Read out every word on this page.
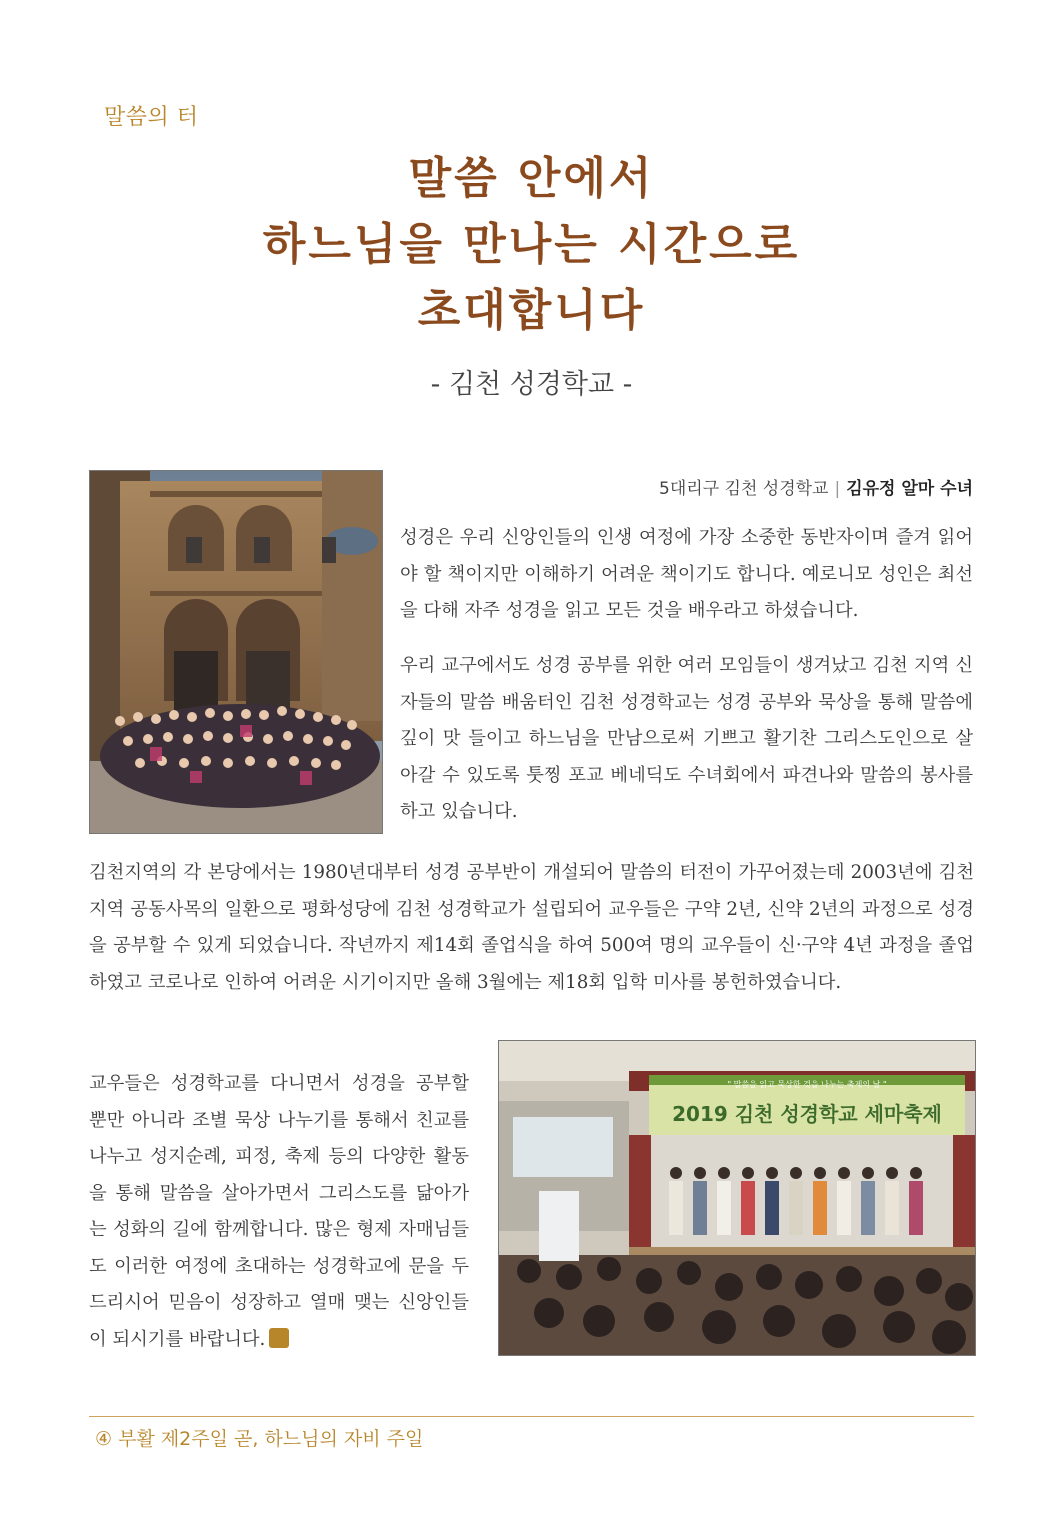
말씀의 터
말씀 안에서
하느님을 만나는 시간으로
초대합니다
- 김천 성경학교 -
5대리구 김천 성경학교 | 김유정 알마 수녀

성경은 우리 신앙인들의 인생 여정에 가장 소중한 동반자이며 즐겨 읽어야 할 책이지만 이해하기 어려운 책이기도 합니다. 예로니모 성인은 최선을 다해 자주 성경을 읽고 모든 것을 배우라고 하셨습니다.

우리 교구에서도 성경 공부를 위한 여러 모임들이 생겨났고 김천 지역 신자들의 말씀 배움터인 김천 성경학교는 성경 공부와 묵상을 통해 말씀에 깊이 맛 들이고 하느님을 만남으로써 기쁘고 활기찬 그리스도인으로 살아갈 수 있도록 툿찡 포교 베네딕도 수녀회에서 파견나와 말씀의 봉사를 하고 있습니다.

김천지역의 각 본당에서는 1980년대부터 성경 공부반이 개설되어 말씀의 터전이 가꾸어졌는데 2003년에 김천지역 공동사목의 일환으로 평화성당에 김천 성경학교가 설립되어 교우들은 구약 2년, 신약 2년의 과정으로 성경을 공부할 수 있게 되었습니다. 작년까지 제14회 졸업식을 하여 500여 명의 교우들이 신·구약 4년 과정을 졸업하였고 코로나로 인하여 어려운 시기이지만 올해 3월에는 제18회 입학 미사를 봉헌하였습니다.

교우들은 성경학교를 다니면서 성경을 공부할 뿐만 아니라 조별 묵상 나누기를 통해서 친교를 나누고 성지순례, 피정, 축제 등의 다양한 활동을 통해 말씀을 살아가면서 그리스도를 닮아가는 성화의 길에 함께합니다. 많은 형제 자매님들도 이러한 여정에 초대하는 성경학교에 문을 두드리시어 믿음이 성장하고 열매 맺는 신앙인들이 되시기를 바랍니다.

" 말씀을 읽고 묵상한 것을 나누는 축제의 날 "
2019 김천 성경학교 세마축제
④ 부활 제2주일 곧, 하느님의 자비 주일
